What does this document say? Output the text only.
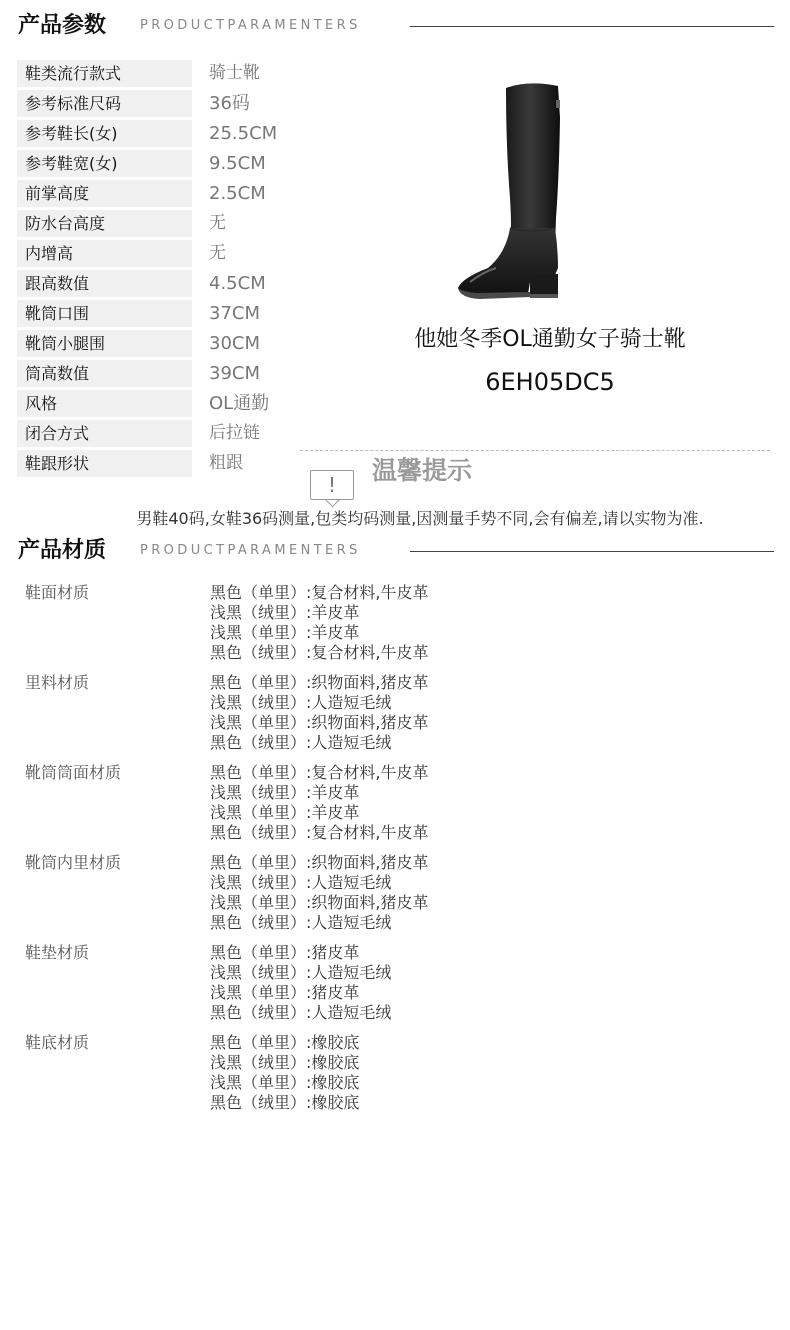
产品参数	PRODUCTPARAMENTERS
鞋类流行款式	骑士靴
参考标准尺码	36码
参考鞋长(女)	25.5CM
参考鞋宽(女)	9.5CM
前掌高度	2.5CM
防水台高度	无
内增高	无
跟高数值	4.5CM
靴筒口围	37CM
靴筒小腿围	30CM
筒高数值	39CM
风格	OL通勤
闭合方式	后拉链
鞋跟形状	粗跟
他她冬季OL通勤女子骑士靴
6EH05DC5
!	温馨提示
男鞋40码,女鞋36码测量,包类均码测量,因测量手势不同,会有偏差,请以实物为准.
产品材质	PRODUCTPARAMENTERS
鞋面材质	黑色（单里）:复合材料,牛皮革
浅黑（绒里）:羊皮革
浅黑（单里）:羊皮革
黑色（绒里）:复合材料,牛皮革
里料材质	黑色（单里）:织物面料,猪皮革
浅黑（绒里）:人造短毛绒
浅黑（单里）:织物面料,猪皮革
黑色（绒里）:人造短毛绒
靴筒筒面材质	黑色（单里）:复合材料,牛皮革
浅黑（绒里）:羊皮革
浅黑（单里）:羊皮革
黑色（绒里）:复合材料,牛皮革
靴筒内里材质	黑色（单里）:织物面料,猪皮革
浅黑（绒里）:人造短毛绒
浅黑（单里）:织物面料,猪皮革
黑色（绒里）:人造短毛绒
鞋垫材质	黑色（单里）:猪皮革
浅黑（绒里）:人造短毛绒
浅黑（单里）:猪皮革
黑色（绒里）:人造短毛绒
鞋底材质	黑色（单里）:橡胶底
浅黑（绒里）:橡胶底
浅黑（单里）:橡胶底
黑色（绒里）:橡胶底
